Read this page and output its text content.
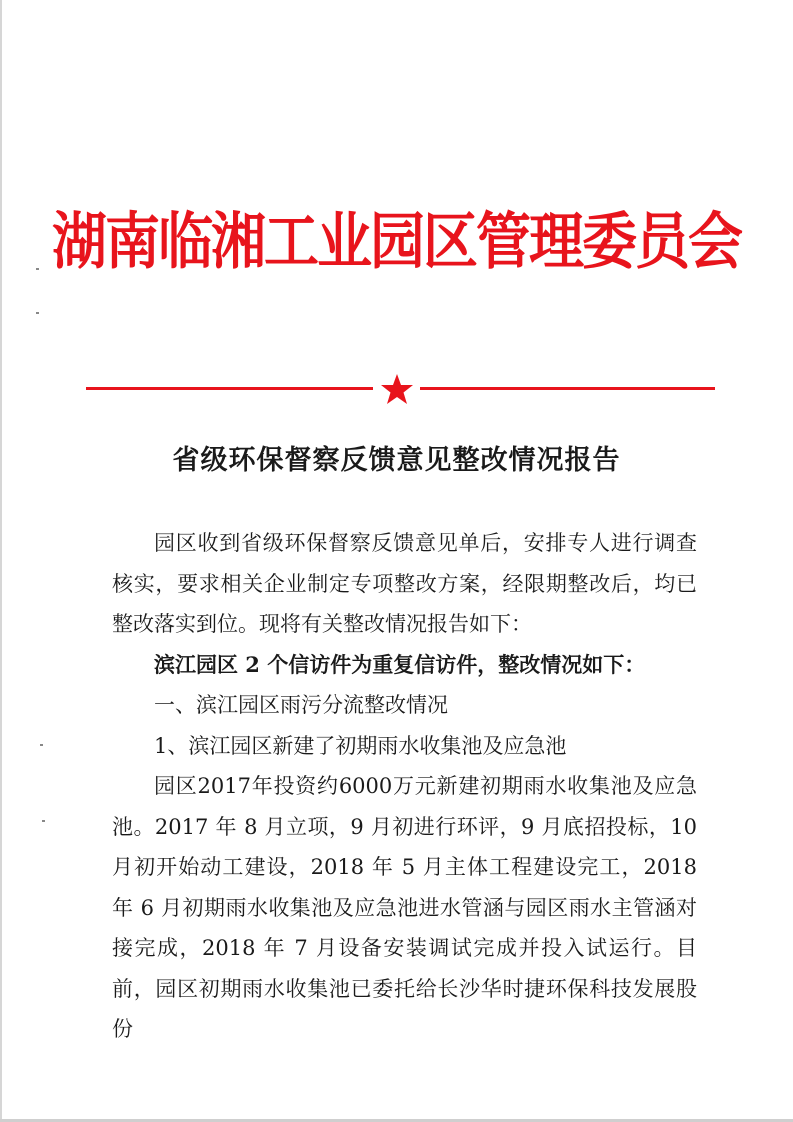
湖南临湘工业园区管理委员会
省级环保督察反馈意见整改情况报告

园区收到省级环保督察反馈意见单后，安排专人进行调查核实，要求相关企业制定专项整改方案，经限期整改后，均已整改落实到位。现将有关整改情况报告如下：

滨江园区 2 个信访件为重复信访件，整改情况如下：

一、滨江园区雨污分流整改情况

1、滨江园区新建了初期雨水收集池及应急池

园区2017年投资约6000万元新建初期雨水收集池及应急池。2017 年 8 月立项，9 月初进行环评，9 月底招投标，10 月初开始动工建设，2018 年 5 月主体工程建设完工，2018 年 6 月初期雨水收集池及应急池进水管涵与园区雨水主管涵对接完成，2018 年 7 月设备安装调试完成并投入试运行。目前，园区初期雨水收集池已委托给长沙华时捷环保科技发展股份
